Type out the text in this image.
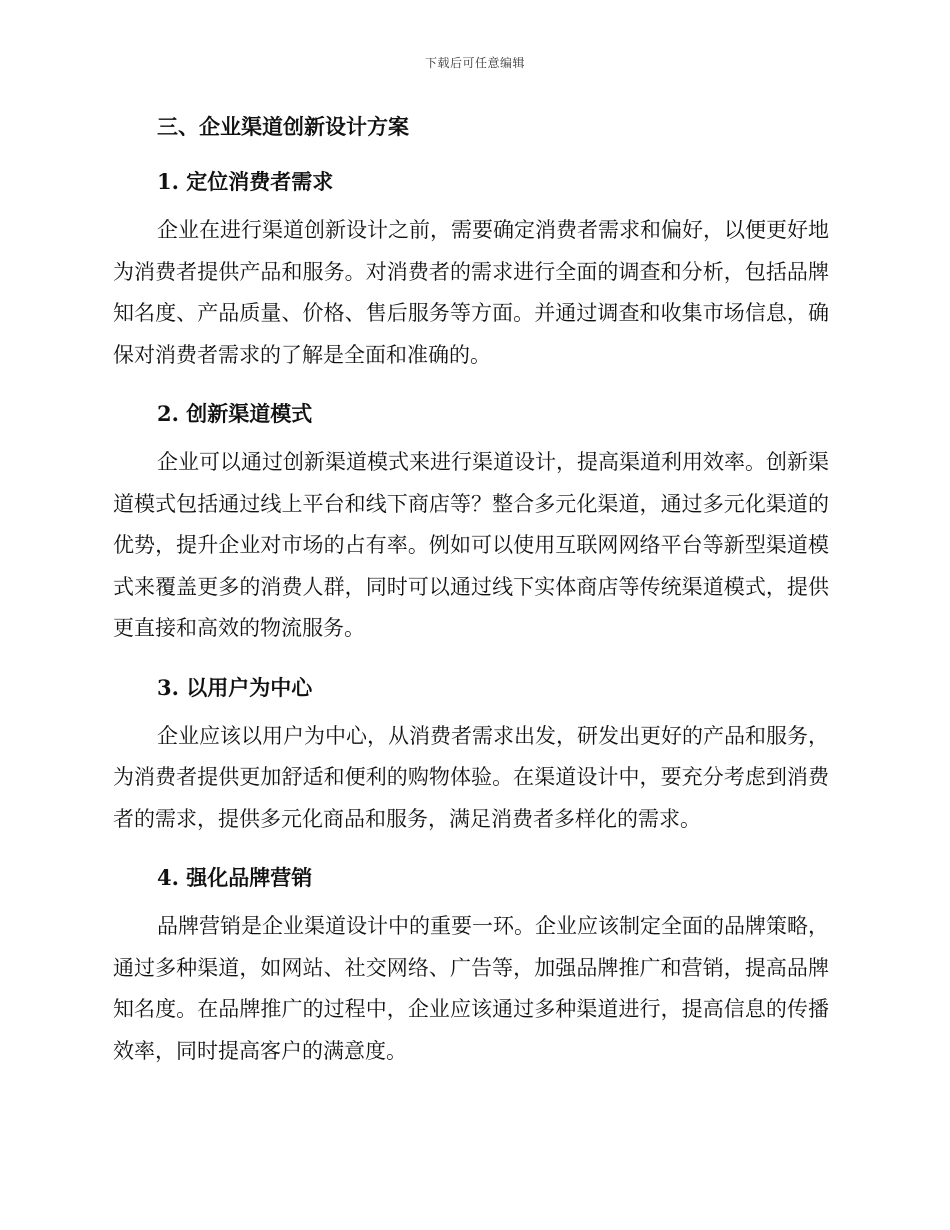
下载后可任意编辑
三、企业渠道创新设计方案
1. 定位消费者需求

企业在进行渠道创新设计之前，需要确定消费者需求和偏好，以便更好地为消费者提供产品和服务。对消费者的需求进行全面的调查和分析，包括品牌知名度、产品质量、价格、售后服务等方面。并通过调查和收集市场信息，确保对消费者需求的了解是全面和准确的。

2. 创新渠道模式

企业可以通过创新渠道模式来进行渠道设计，提高渠道利用效率。创新渠道模式包括通过线上平台和线下商店等？整合多元化渠道，通过多元化渠道的优势，提升企业对市场的占有率。例如可以使用互联网网络平台等新型渠道模式来覆盖更多的消费人群，同时可以通过线下实体商店等传统渠道模式，提供更直接和高效的物流服务。

3. 以用户为中心

企业应该以用户为中心，从消费者需求出发，研发出更好的产品和服务，为消费者提供更加舒适和便利的购物体验。在渠道设计中，要充分考虑到消费者的需求，提供多元化商品和服务，满足消费者多样化的需求。

4. 强化品牌营销

品牌营销是企业渠道设计中的重要一环。企业应该制定全面的品牌策略，通过多种渠道，如网站、社交网络、广告等，加强品牌推广和营销，提高品牌知名度。在品牌推广的过程中，企业应该通过多种渠道进行，提高信息的传播效率，同时提高客户的满意度。
